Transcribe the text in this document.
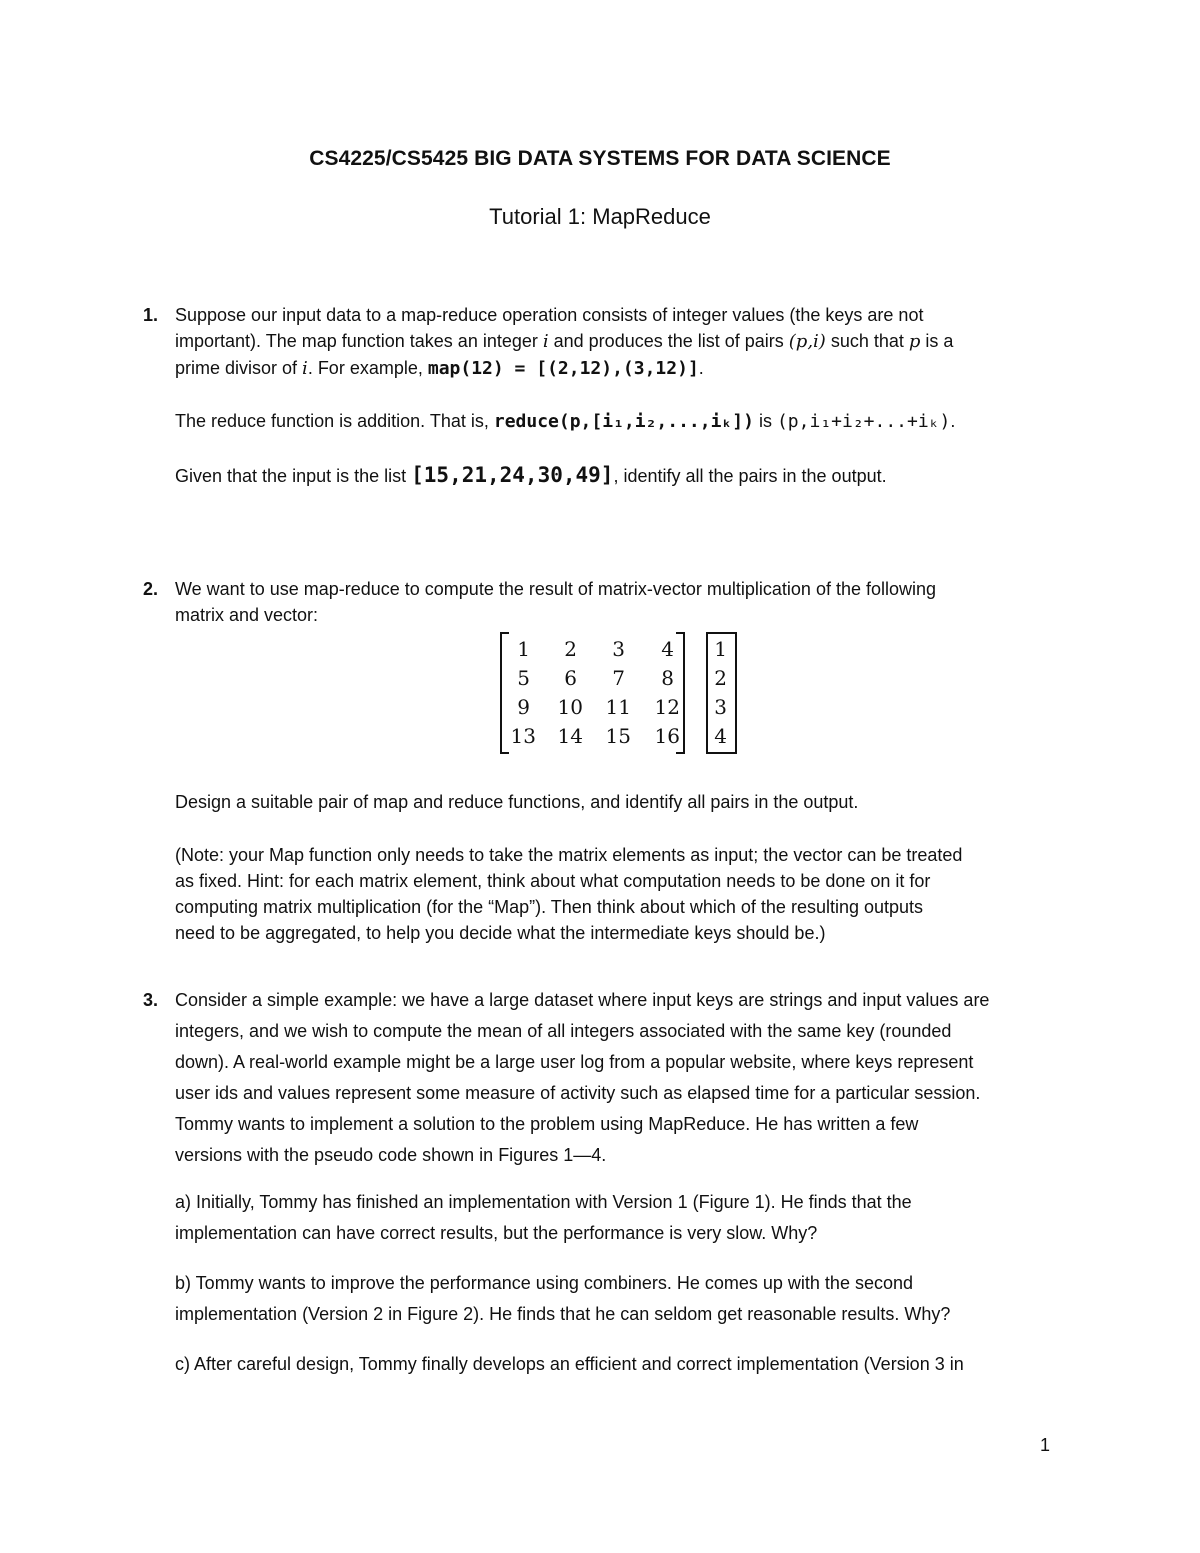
CS4225/CS5425 BIG DATA SYSTEMS FOR DATA SCIENCE
Tutorial 1: MapReduce
1. Suppose our input data to a map-reduce operation consists of integer values (the keys are not
important). The map function takes an integer i and produces the list of pairs (p,i) such that p is a
prime divisor of i. For example, map(12) = [(2,12),(3,12)].
The reduce function is addition. That is, reduce(p,[i₁,i₂,...,iₖ]) is (p,i₁+i₂+...+iₖ).
Given that the input is the list [15,21,24,30,49], identify all the pairs in the output.
2. We want to use map-reduce to compute the result of matrix-vector multiplication of the following
matrix and vector:
1	2	3	4
5	6	7	8
9 10 11 12
13 14 15 16
1
2
3
4
Design a suitable pair of map and reduce functions, and identify all pairs in the output.
(Note: your Map function only needs to take the matrix elements as input; the vector can be treated
as fixed. Hint: for each matrix element, think about what computation needs to be done on it for
computing matrix multiplication (for the “Map”). Then think about which of the resulting outputs
need to be aggregated, to help you decide what the intermediate keys should be.)
3. Consider a simple example: we have a large dataset where input keys are strings and input values are
integers, and we wish to compute the mean of all integers associated with the same key (rounded
down). A real-world example might be a large user log from a popular website, where keys represent
user ids and values represent some measure of activity such as elapsed time for a particular session.
Tommy wants to implement a solution to the problem using MapReduce. He has written a few
versions with the pseudo code shown in Figures 1—4.
a) Initially, Tommy has finished an implementation with Version 1 (Figure 1). He finds that the
implementation can have correct results, but the performance is very slow. Why?
b) Tommy wants to improve the performance using combiners. He comes up with the second
implementation (Version 2 in Figure 2). He finds that he can seldom get reasonable results. Why?
c) After careful design, Tommy finally develops an efficient and correct implementation (Version 3 in
1
